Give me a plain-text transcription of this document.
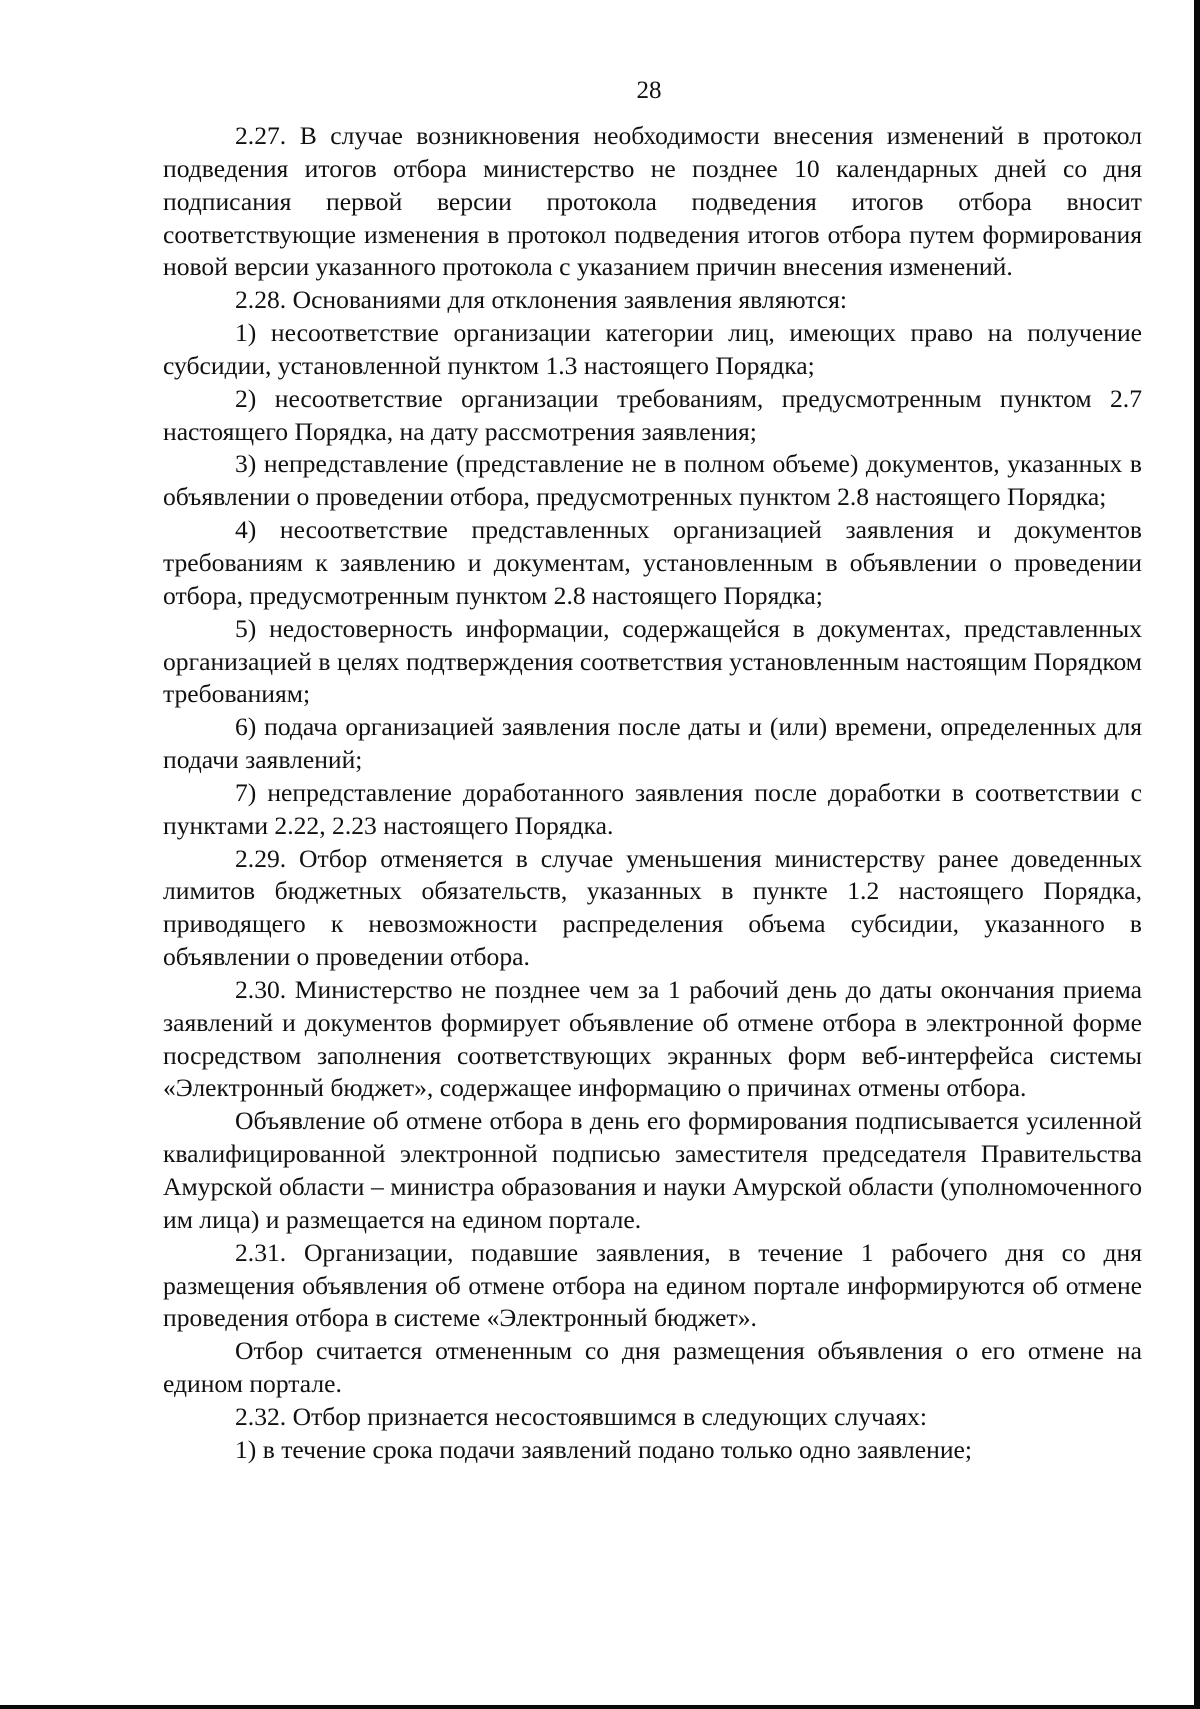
28

2.27. В случае возникновения необходимости внесения изменений в протокол подведения итогов отбора министерство не позднее 10 календарных дней со дня подписания первой версии протокола подведения итогов отбора вносит соответствующие изменения в протокол подведения итогов отбора путем формирования новой версии указанного протокола с указанием причин внесения изменений.

2.28. Основаниями для отклонения заявления являются:

1) несоответствие организации категории лиц, имеющих право на получение субсидии, установленной пунктом 1.3 настоящего Порядка;

2) несоответствие организации требованиям, предусмотренным пунктом 2.7 настоящего Порядка, на дату рассмотрения заявления;

3) непредставление (представление не в полном объеме) документов, указанных в объявлении о проведении отбора, предусмотренных пунктом 2.8 настоящего Порядка;

4) несоответствие представленных организацией заявления и документов требованиям к заявлению и документам, установленным в объявлении о проведении отбора, предусмотренным пунктом 2.8 настоящего Порядка;

5) недостоверность информации, содержащейся в документах, представленных организацией в целях подтверждения соответствия установленным настоящим Порядком требованиям;

6) подача организацией заявления после даты и (или) времени, определенных для подачи заявлений;

7) непредставление доработанного заявления после доработки в соответствии с пунктами 2.22, 2.23 настоящего Порядка.

2.29. Отбор отменяется в случае уменьшения министерству ранее доведенных лимитов бюджетных обязательств, указанных в пункте 1.2 настоящего Порядка, приводящего к невозможности распределения объема субсидии, указанного в объявлении о проведении отбора.

2.30. Министерство не позднее чем за 1 рабочий день до даты окончания приема заявлений и документов формирует объявление об отмене отбора в электронной форме посредством заполнения соответствующих экранных форм веб-интерфейса системы «Электронный бюджет», содержащее информацию о причинах отмены отбора.

Объявление об отмене отбора в день его формирования подписывается усиленной квалифицированной электронной подписью заместителя председателя Правительства Амурской области – министра образования и науки Амурской области (уполномоченного им лица) и размещается на едином портале.

2.31. Организации, подавшие заявления, в течение 1 рабочего дня со дня размещения объявления об отмене отбора на едином портале информируются об отмене проведения отбора в системе «Электронный бюджет».

Отбор считается отмененным со дня размещения объявления о его отмене на едином портале.

2.32. Отбор признается несостоявшимся в следующих случаях:

1) в течение срока подачи заявлений подано только одно заявление;
